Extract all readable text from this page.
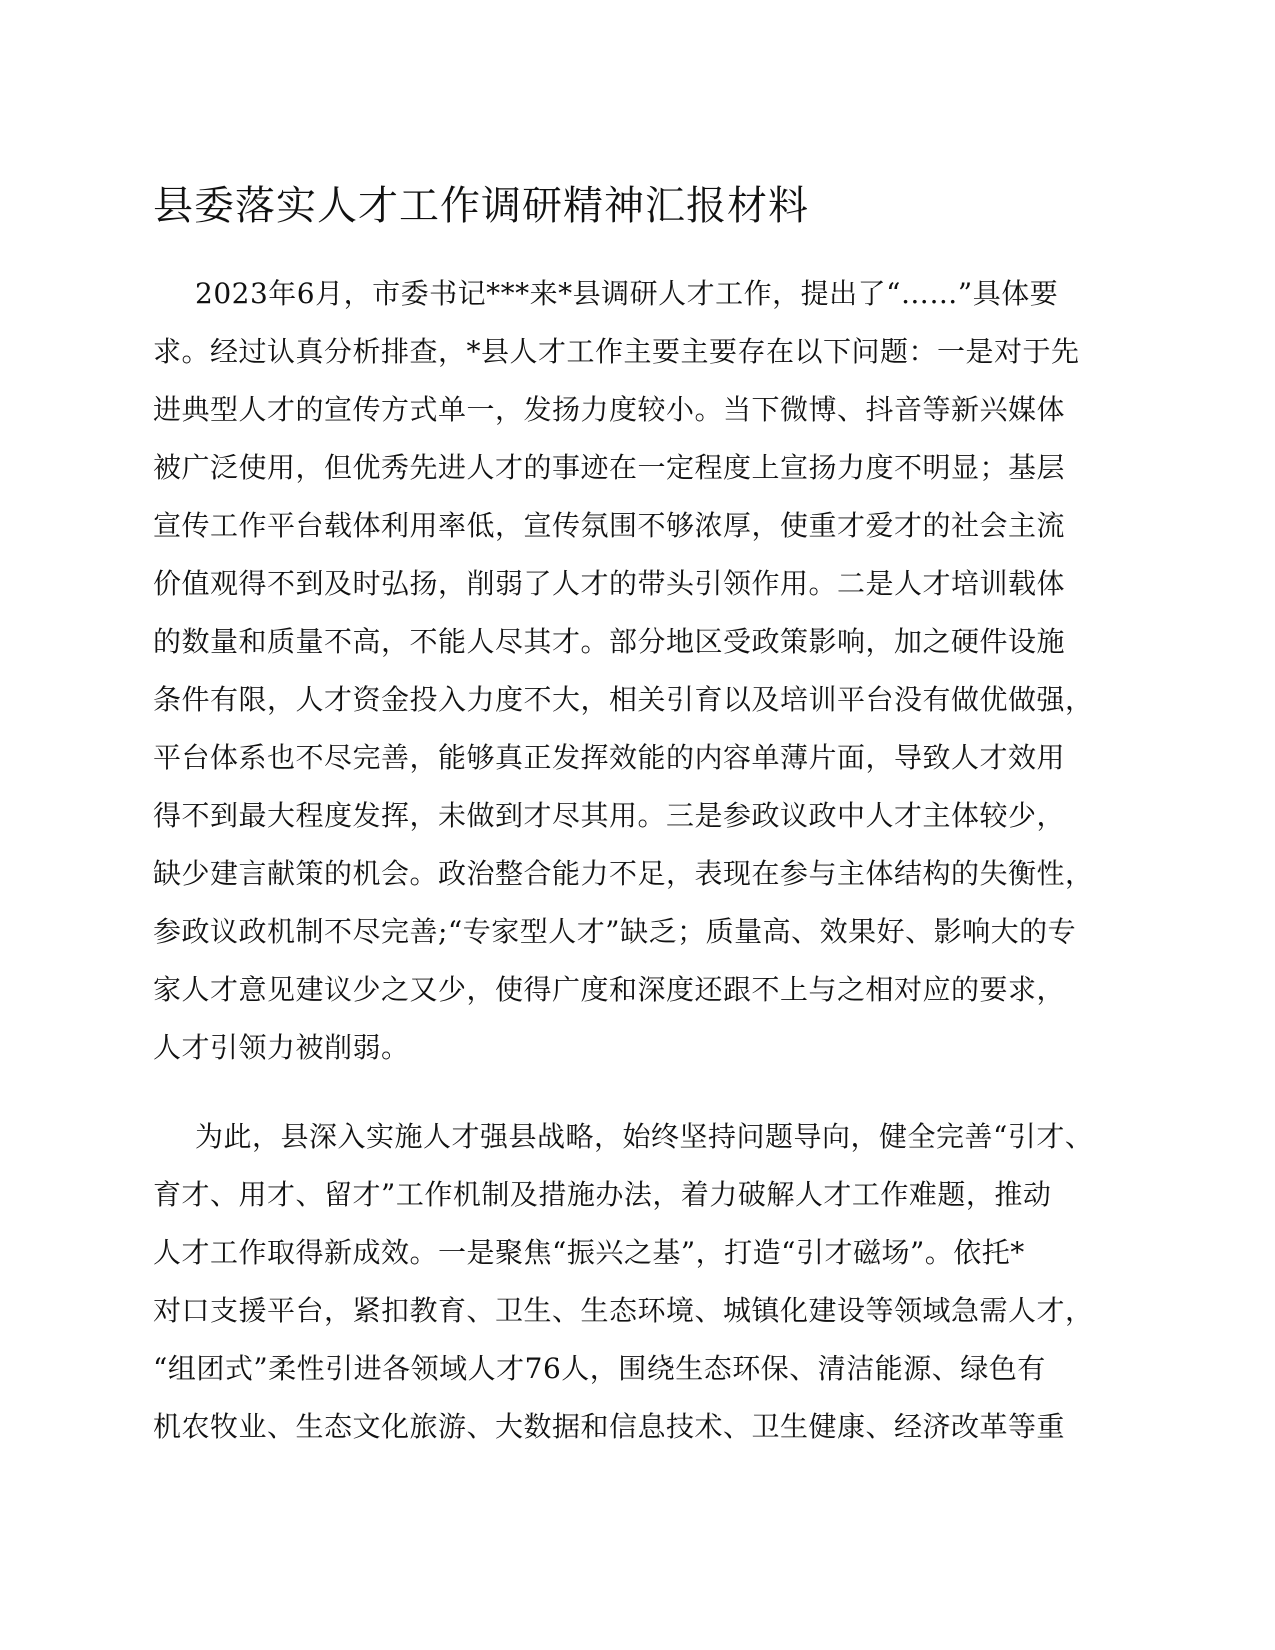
县委落实人才工作调研精神汇报材料
2023年6月，市委书记***来*县调研人才工作，提出了“……”具体要
求。经过认真分析排查，*县人才工作主要主要存在以下问题：一是对于先
进典型人才的宣传方式单一，发扬力度较小。当下微博、抖音等新兴媒体
被广泛使用，但优秀先进人才的事迹在一定程度上宣扬力度不明显；基层
宣传工作平台载体利用率低，宣传氛围不够浓厚，使重才爱才的社会主流
价值观得不到及时弘扬，削弱了人才的带头引领作用。二是人才培训载体
的数量和质量不高，不能人尽其才。部分地区受政策影响，加之硬件设施
条件有限，人才资金投入力度不大，相关引育以及培训平台没有做优做强，
平台体系也不尽完善，能够真正发挥效能的内容单薄片面，导致人才效用
得不到最大程度发挥，未做到才尽其用。三是参政议政中人才主体较少，
缺少建言献策的机会。政治整合能力不足，表现在参与主体结构的失衡性，
参政议政机制不尽完善;“专家型人才”缺乏；质量高、效果好、影响大的专
家人才意见建议少之又少，使得广度和深度还跟不上与之相对应的要求，
人才引领力被削弱。
为此，县深入实施人才强县战略，始终坚持问题导向，健全完善“引才、
育才、用才、留才”工作机制及措施办法，着力破解人才工作难题，推动
人才工作取得新成效。一是聚焦“振兴之基”，打造“引才磁场”。依托*
对口支援平台，紧扣教育、卫生、生态环境、城镇化建设等领域急需人才，
“组团式”柔性引进各领域人才76人，围绕生态环保、清洁能源、绿色有
机农牧业、生态文化旅游、大数据和信息技术、卫生健康、经济改革等重
